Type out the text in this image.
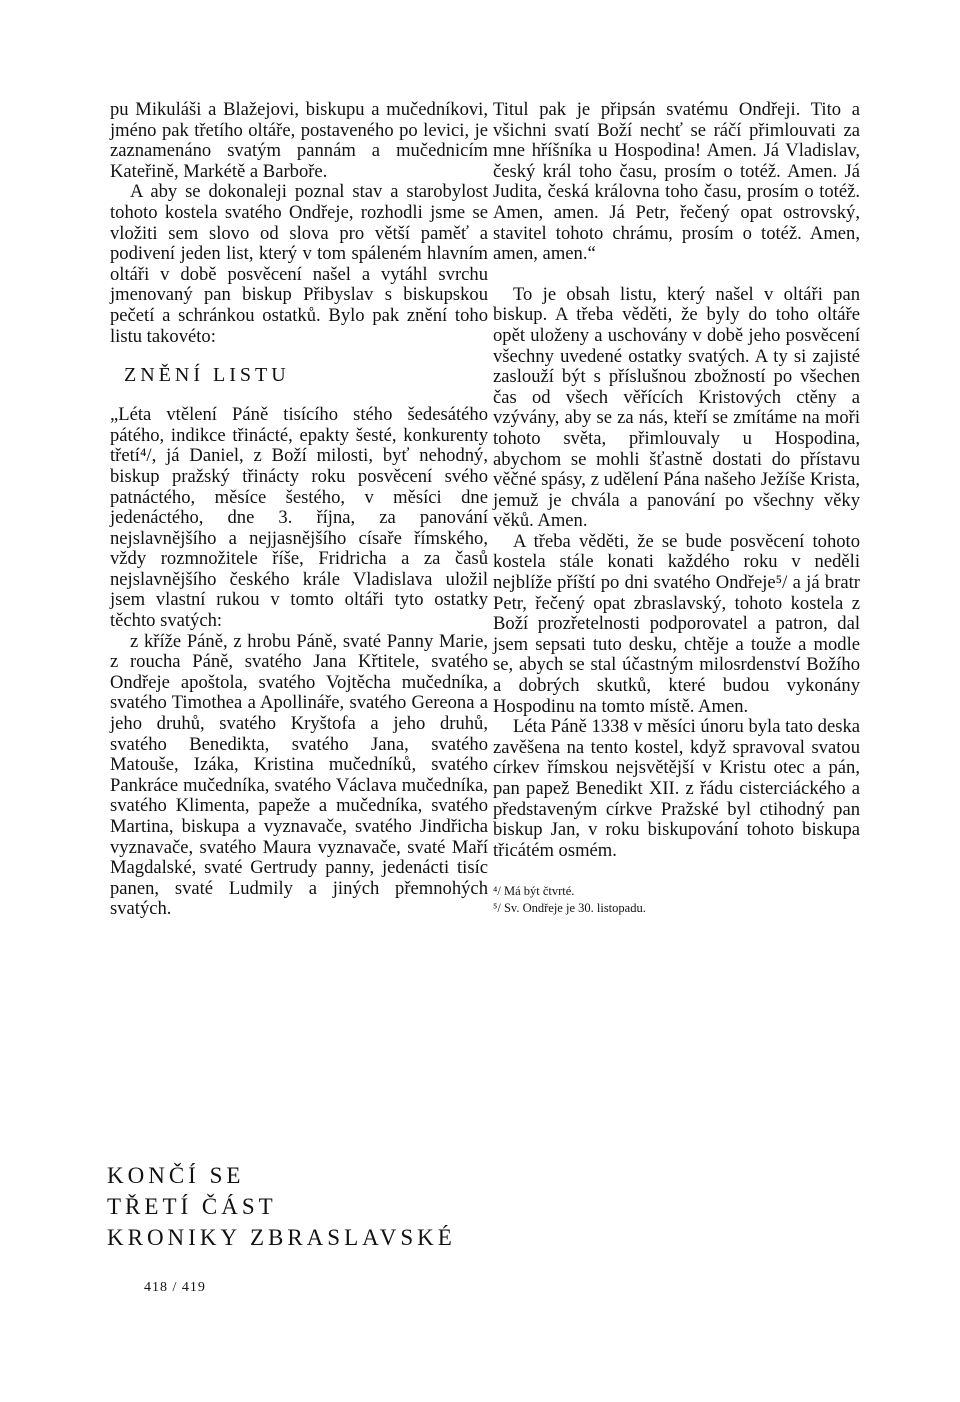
pu Mikuláši a Blažejovi, biskupu a mučedníkovi, jméno pak třetího oltáře, postaveného po levici, je zaznamenáno svatým pannám a mučednicím Kateřině, Markétě a Barboře.

A aby se dokonaleji poznal stav a starobylost tohoto kostela svatého Ondřeje, rozhodli jsme se vložiti sem slovo od slova pro větší paměť a podivení jeden list, který v tom spáleném hlavním oltáři v době posvěcení našel a vytáhl svrchu jmenovaný pan biskup Přibyslav s biskupskou pečetí a schránkou ostatků. Bylo pak znění toho listu takovéto:

ZNĚNÍ LISTU

„Léta vtělení Páně tisícího stého šedesátého pátého, indikce třinácté, epakty šesté, konkurenty třetí⁴/, já Daniel, z Boží milosti, byť nehodný, biskup pražský třinácty roku posvěcení svého patnáctého, měsíce šestého, v měsíci dne jedenáctého, dne 3. října, za panování nejslavnějšího a nejjasnějšího císaře římského, vždy rozmnožitele říše, Fridricha a za časů nejslavnějšího českého krále Vladislava uložil jsem vlastní rukou v tomto oltáři tyto ostatky těchto svatých:

z kříže Páně, z hrobu Páně, svaté Panny Marie, z roucha Páně, svatého Jana Křtitele, svatého Ondřeje apoštola, svatého Vojtěcha mučedníka, svatého Timothea a Apollináře, svatého Gereona a jeho druhů, svatého Kryštofa a jeho druhů, svatého Benedikta, svatého Jana, svatého Matouše, Izáka, Kristina mučedníků, svatého Pankráce mučedníka, svatého Václava mučedníka, svatého Klimenta, papeže a mučedníka, svatého Martina, biskupa a vyznavače, svatého Jindřicha vyznavače, svatého Maura vyznavače, svaté Maří Magdalské, svaté Gertrudy panny, jedenácti tisíc panen, svaté Ludmily a jiných přemnohých svatých.

Titul pak je připsán svatému Ondřeji. Tito a všichni svatí Boží nechť se ráčí přimlouvati za mne hříšníka u Hospodina! Amen. Já Vladislav, český král toho času, prosím o totéž. Amen. Já Judita, česká královna toho času, prosím o totéž. Amen, amen. Já Petr, řečený opat ostrovský, stavitel tohoto chrámu, prosím o totéž. Amen, amen, amen.“

To je obsah listu, který našel v oltáři pan biskup. A třeba věděti, že byly do toho oltáře opět uloženy a uschovány v době jeho posvěcení všechny uvedené ostatky svatých. A ty si zajisté zaslouží být s příslušnou zbožností po všechen čas od všech věřících Kristových ctěny a vzývány, aby se za nás, kteří se zmítáme na moři tohoto světa, přimlouvaly u Hospodina, abychom se mohli šťastně dostati do přístavu věčné spásy, z udělení Pána našeho Ježíše Krista, jemuž je chvála a panování po všechny věky věků. Amen.

A třeba věděti, že se bude posvěcení tohoto kostela stále konati každého roku v neděli nejblíže příští po dni svatého Ondřeje⁵/ a já bratr Petr, řečený opat zbraslavský, tohoto kostela z Boží prozřetelnosti podporovatel a patron, dal jsem sepsati tuto desku, chtěje a touže a modle se, abych se stal účastným milosrdenství Božího a dobrých skutků, které budou vykonány Hospodinu na tomto místě. Amen.

Léta Páně 1338 v měsíci únoru byla tato deska zavěšena na tento kostel, když spravoval svatou církev římskou nejsvětější v Kristu otec a pán, pan papež Benedikt XII. z řádu cisterciáckého a představeným církve Pražské byl ctihodný pan biskup Jan, v roku biskupování tohoto biskupa třicátém osmém.

⁴/ Má být čtvrté.

⁵/ Sv. Ondřeje je 30. listopadu.

KONČÍ SE
TŘETÍ ČÁST
KRONIKY ZBRASLAVSKÉ
418 / 419
